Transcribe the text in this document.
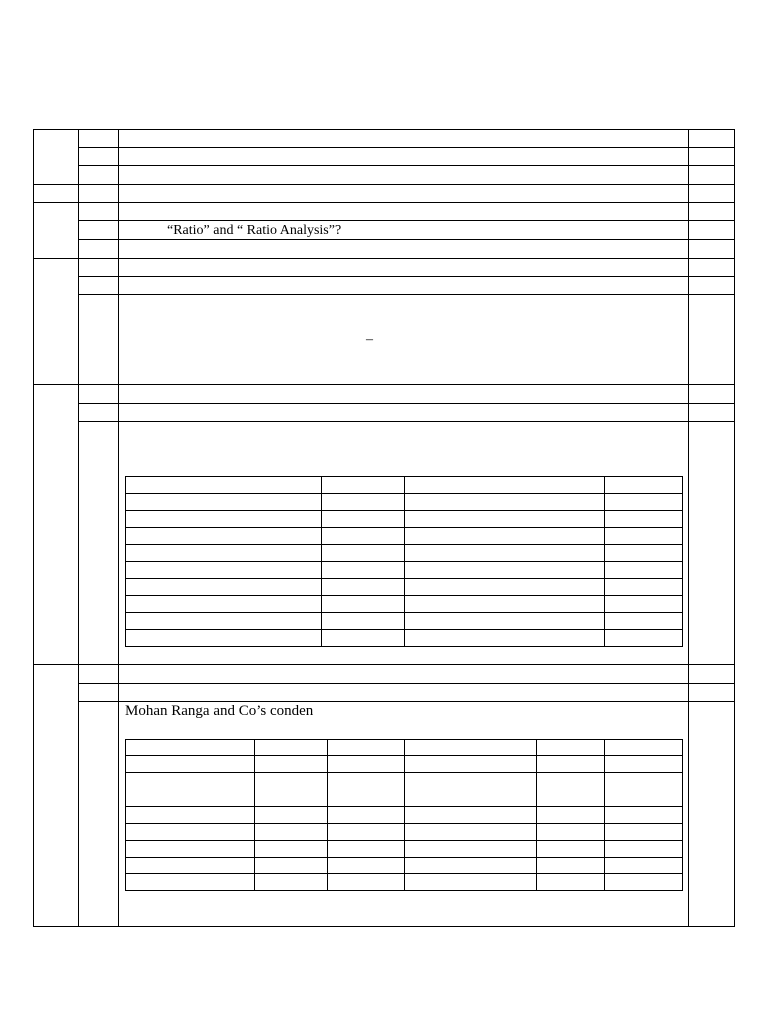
“Ratio” and “ Ratio Analysis”?
–
Mohan Ranga and Co’s conden
